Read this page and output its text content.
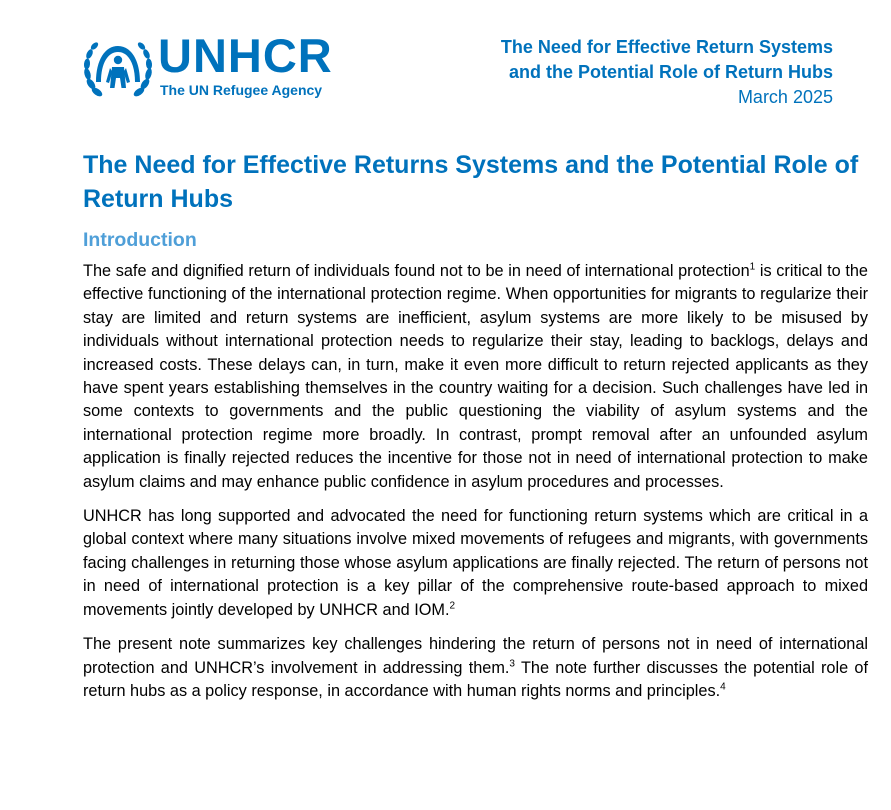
UNHCR
The UN Refugee Agency
The Need for Effective Return Systems
and the Potential Role of Return Hubs
March 2025
The Need for Effective Returns Systems and the Potential Role of Return Hubs
Introduction

The safe and dignified return of individuals found not to be in need of international protection$^1$ is critical to the effective functioning of the international protection regime. When opportunities for migrants to regularize their stay are limited and return systems are inefficient, asylum systems are more likely to be misused by individuals without international protection needs to regularize their stay, leading to backlogs, delays and increased costs. These delays can, in turn, make it even more difficult to return rejected applicants as they have spent years establishing themselves in the country waiting for a decision. Such challenges have led in some contexts to governments and the public questioning the viability of asylum systems and the international protection regime more broadly. In contrast, prompt removal after an unfounded asylum application is finally rejected reduces the incentive for those not in need of international protection to make asylum claims and may enhance public confidence in asylum procedures and processes.

UNHCR has long supported and advocated the need for functioning return systems which are critical in a global context where many situations involve mixed movements of refugees and migrants, with governments facing challenges in returning those whose asylum applications are finally rejected. The return of persons not in need of international protection is a key pillar of the comprehensive route-based approach to mixed movements jointly developed by UNHCR and IOM.$^2$

The present note summarizes key challenges hindering the return of persons not in need of international protection and UNHCR’s involvement in addressing them.$^3$ The note further discusses the potential role of return hubs as a policy response, in accordance with human rights norms and principles.$^4$
